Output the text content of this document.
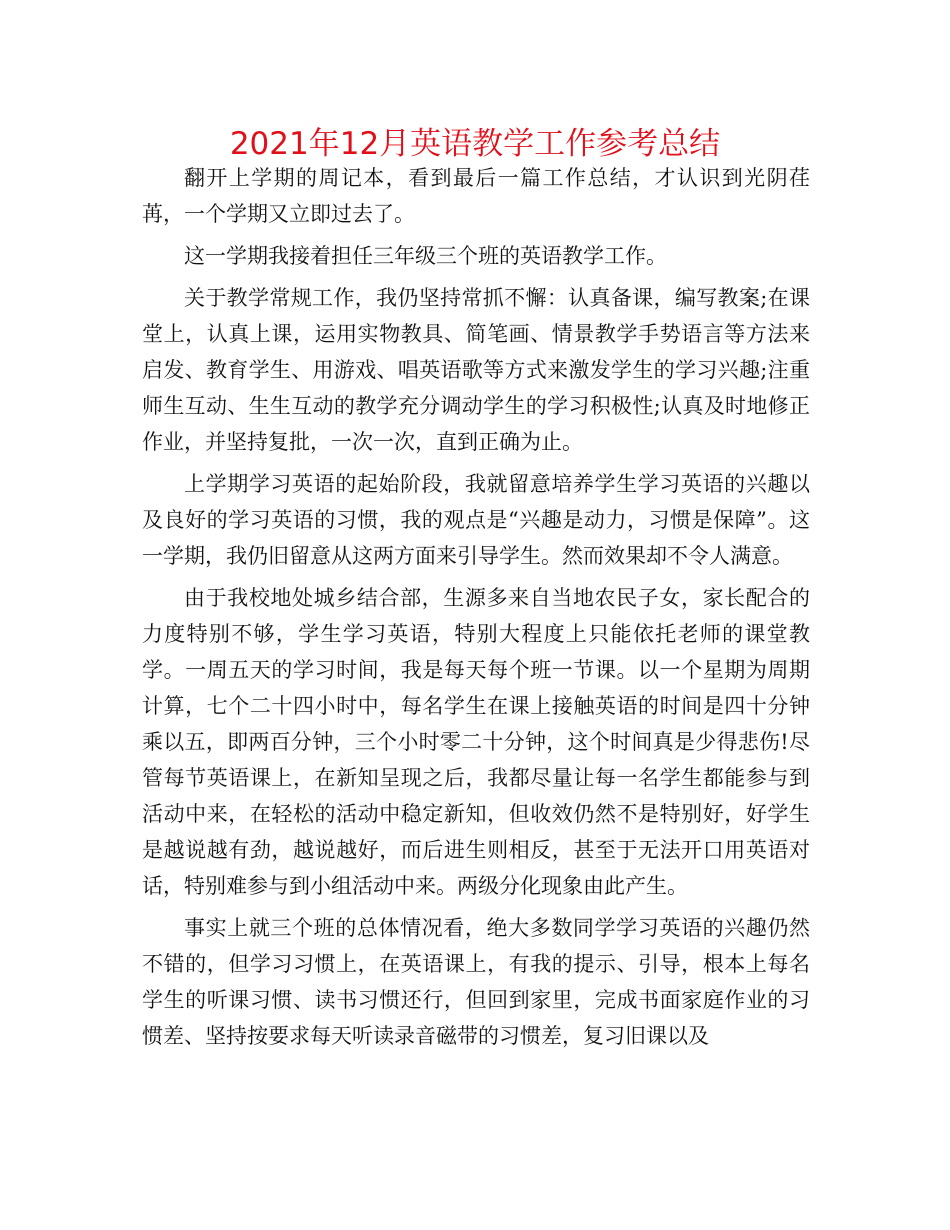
2021年12月英语教学工作参考总结

翻开上学期的周记本，看到最后一篇工作总结，才认识到光阴荏苒，一个学期又立即过去了。

这一学期我接着担任三年级三个班的英语教学工作。

关于教学常规工作，我仍坚持常抓不懈：认真备课，编写教案;在课堂上，认真上课，运用实物教具、简笔画、情景教学手势语言等方法来启发、教育学生、用游戏、唱英语歌等方式来激发学生的学习兴趣;注重师生互动、生生互动的教学充分调动学生的学习积极性;认真及时地修正作业，并坚持复批，一次一次，直到正确为止。

上学期学习英语的起始阶段，我就留意培养学生学习英语的兴趣以及良好的学习英语的习惯，我的观点是“兴趣是动力，习惯是保障”。这一学期，我仍旧留意从这两方面来引导学生。然而效果却不令人满意。

由于我校地处城乡结合部，生源多来自当地农民子女，家长配合的力度特别不够，学生学习英语，特别大程度上只能依托老师的课堂教学。一周五天的学习时间，我是每天每个班一节课。以一个星期为周期计算，七个二十四小时中，每名学生在课上接触英语的时间是四十分钟乘以五，即两百分钟，三个小时零二十分钟，这个时间真是少得悲伤!尽管每节英语课上，在新知呈现之后，我都尽量让每一名学生都能参与到活动中来，在轻松的活动中稳定新知，但收效仍然不是特别好，好学生是越说越有劲，越说越好，而后进生则相反，甚至于无法开口用英语对话，特别难参与到小组活动中来。两级分化现象由此产生。

事实上就三个班的总体情况看，绝大多数同学学习英语的兴趣仍然不错的，但学习习惯上，在英语课上，有我的提示、引导，根本上每名学生的听课习惯、读书习惯还行，但回到家里，完成书面家庭作业的习惯差、坚持按要求每天听读录音磁带的习惯差，复习旧课以及
